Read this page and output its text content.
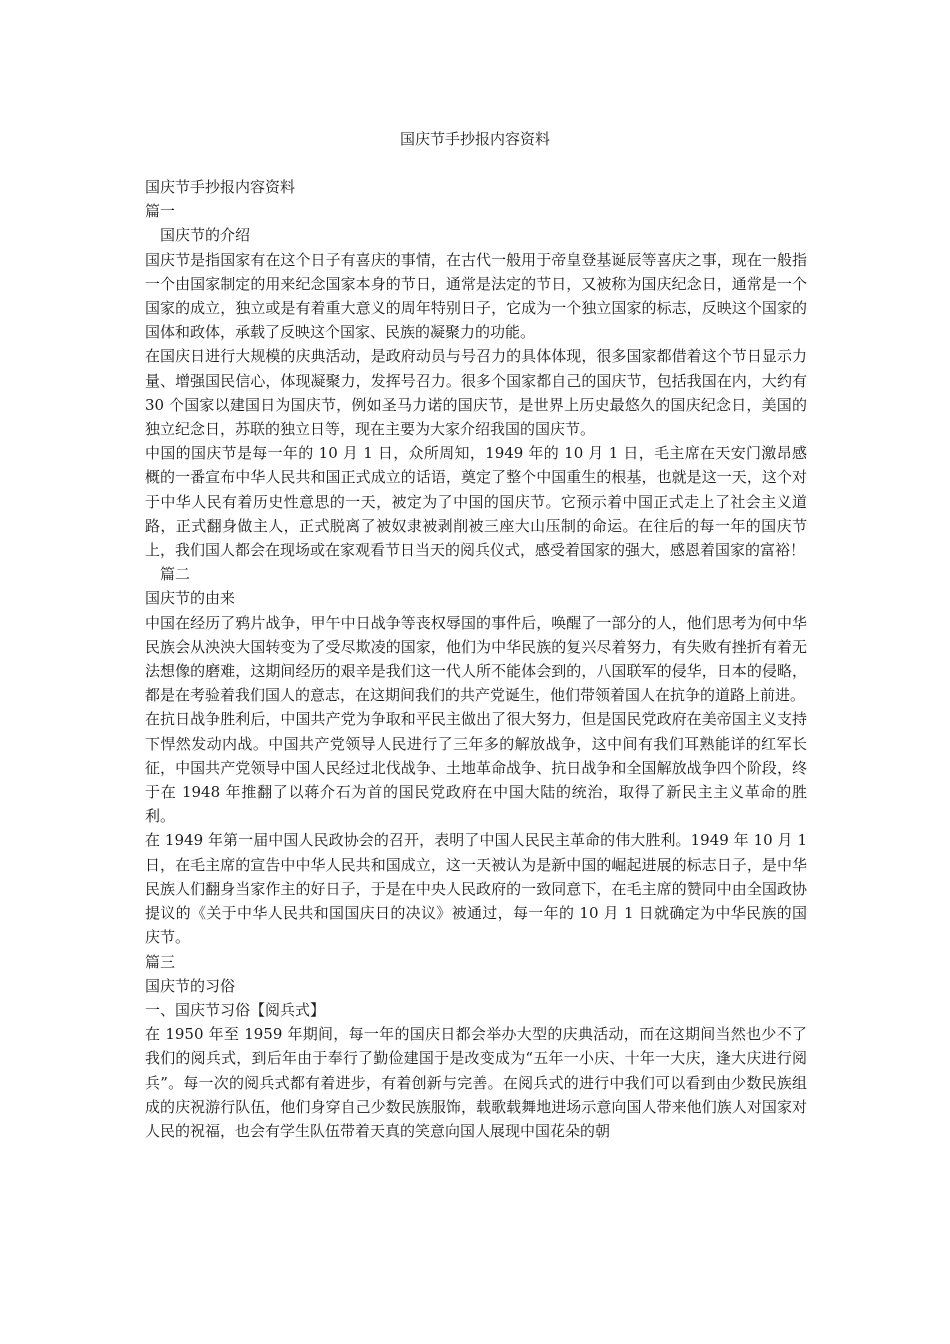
国庆节手抄报内容资料

国庆节手抄报内容资料

篇一

国庆节的介绍

国庆节是指国家有在这个日子有喜庆的事情，在古代一般用于帝皇登基诞辰等喜庆之事，现在一般指一个由国家制定的用来纪念国家本身的节日，通常是法定的节日，又被称为国庆纪念日，通常是一个国家的成立，独立或是有着重大意义的周年特别日子，它成为一个独立国家的标志，反映这个国家的国体和政体，承载了反映这个国家、民族的凝聚力的功能。

在国庆日进行大规模的庆典活动，是政府动员与号召力的具体体现，很多国家都借着这个节日显示力量、增强国民信心，体现凝聚力，发挥号召力。很多个国家都自己的国庆节，包括我国在内，大约有 30 个国家以建国日为国庆节，例如圣马力诺的国庆节，是世界上历史最悠久的国庆纪念日，美国的独立纪念日，苏联的独立日等，现在主要为大家介绍我国的国庆节。

中国的国庆节是每一年的 10 月 1 日，众所周知，1949 年的 10 月 1 日，毛主席在天安门激昂感概的一番宣布中华人民共和国正式成立的话语，奠定了整个中国重生的根基，也就是这一天，这个对于中华人民有着历史性意思的一天，被定为了中国的国庆节。它预示着中国正式走上了社会主义道路，正式翻身做主人，正式脱离了被奴隶被剥削被三座大山压制的命运。在往后的每一年的国庆节上，我们国人都会在现场或在家观看节日当天的阅兵仪式，感受着国家的强大，感恩着国家的富裕！

篇二

国庆节的由来

中国在经历了鸦片战争，甲午中日战争等丧权辱国的事件后，唤醒了一部分的人，他们思考为何中华民族会从泱泱大国转变为了受尽欺凌的国家，他们为中华民族的复兴尽着努力，有失败有挫折有着无法想像的磨难，这期间经历的艰辛是我们这一代人所不能体会到的，八国联军的侵华，日本的侵略，都是在考验着我们国人的意志，在这期间我们的共产党诞生，他们带领着国人在抗争的道路上前进。

在抗日战争胜利后，中国共产党为争取和平民主做出了很大努力，但是国民党政府在美帝国主义支持下悍然发动内战。中国共产党领导人民进行了三年多的解放战争，这中间有我们耳熟能详的红军长征，中国共产党领导中国人民经过北伐战争、土地革命战争、抗日战争和全国解放战争四个阶段，终于在 1948 年推翻了以蒋介石为首的国民党政府在中国大陆的统治，取得了新民主主义革命的胜利。

在 1949 年第一届中国人民政协会的召开，表明了中国人民民主革命的伟大胜利。1949 年 10 月 1 日，在毛主席的宣告中中华人民共和国成立，这一天被认为是新中国的崛起进展的标志日子，是中华民族人们翻身当家作主的好日子，于是在中央人民政府的一致同意下，在毛主席的赞同中由全国政协提议的《关于中华人民共和国国庆日的决议》被通过，每一年的 10 月 1 日就确定为中华民族的国庆节。

篇三

国庆节的习俗

一、国庆节习俗【阅兵式】

在 1950 年至 1959 年期间，每一年的国庆日都会举办大型的庆典活动，而在这期间当然也少不了我们的阅兵式，到后年由于奉行了勤俭建国于是改变成为“五年一小庆、十年一大庆，逢大庆进行阅兵”。每一次的阅兵式都有着进步，有着创新与完善。在阅兵式的进行中我们可以看到由少数民族组成的庆祝游行队伍，他们身穿自己少数民族服饰，载歌载舞地进场示意向国人带来他们族人对国家对人民的祝福，也会有学生队伍带着天真的笑意向国人展现中国花朵的朝
